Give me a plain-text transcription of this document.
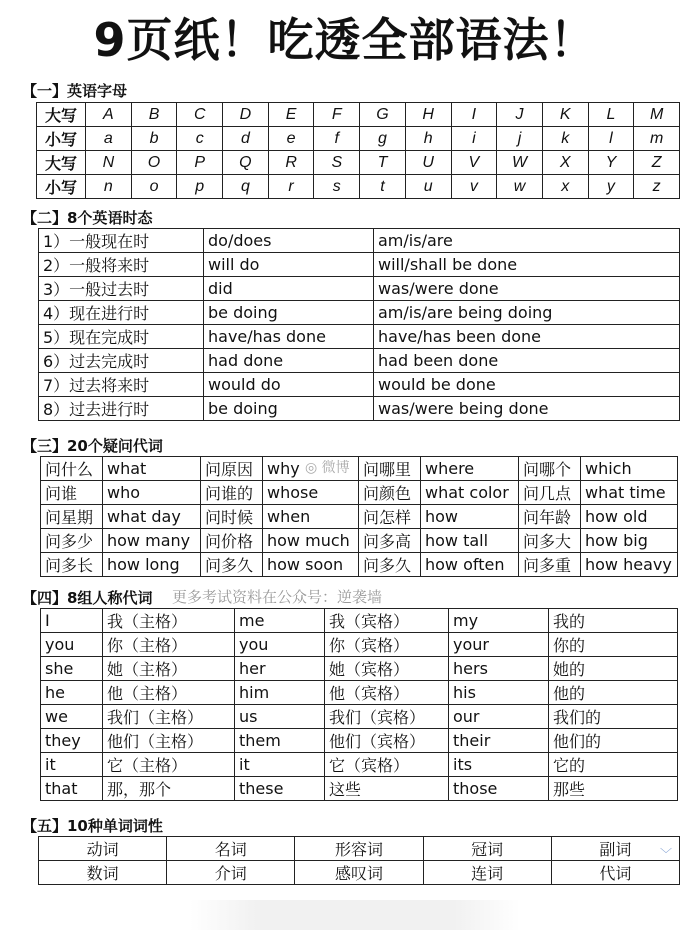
9页纸！吃透全部语法！
【一】英语字母
大写	A	B	C	D	E	F	G	H	I	J	K	L	M
小写	a	b	c	d	e	f	g	h	i	j	k	l	m
大写	N	O	P	Q	R	S	T	U	V	W	X	Y	Z
小写	n	o	p	q	r	s	t	u	v	w	x	y	z
【二】8个英语时态
1）一般现在时	do/does	am/is/are
2）一般将来时	will do	will/shall be done
3）一般过去时	did	was/were done
4）现在进行时	be doing	am/is/are being doing
5）现在完成时	have/has done	have/has been done
6）过去完成时	had done	had been done
7）过去将来时	would do	would be done
8）过去进行时	be doing	was/were being done
【三】20个疑问代词
问什么	what	问原因	why	问哪里	where	问哪个	which
问谁	who	问谁的	whose	问颜色	what color	问几点	what time
问星期	what day	问时候	when	问怎样	how	问年龄	how old
问多少	how many	问价格	how much	问多高	how tall	问多大	how big
问多长	how long	问多久	how soon	问多久	how often	问多重	how heavy
【四】8组人称代词 更多考试资料在公众号：逆袭墙
I	我（主格）	me	我（宾格）	my	我的
you	你（主格）	you	你（宾格）	your	你的
she	她（主格）	her	她（宾格）	hers	她的
he	他（主格）	him	他（宾格）	his	他的
we	我们（主格）	us	我们（宾格）	our	我们的
they	他们（主格）	them	他们（宾格）	their	他们的
it	它（主格）	it	它（宾格）	its	它的
that	那，那个	these	这些	those	那些
【五】10种单词词性
动词	名词	形容词	冠词	副词
数词	介词	感叹词	连词	代词
◎ 微博
﹀
